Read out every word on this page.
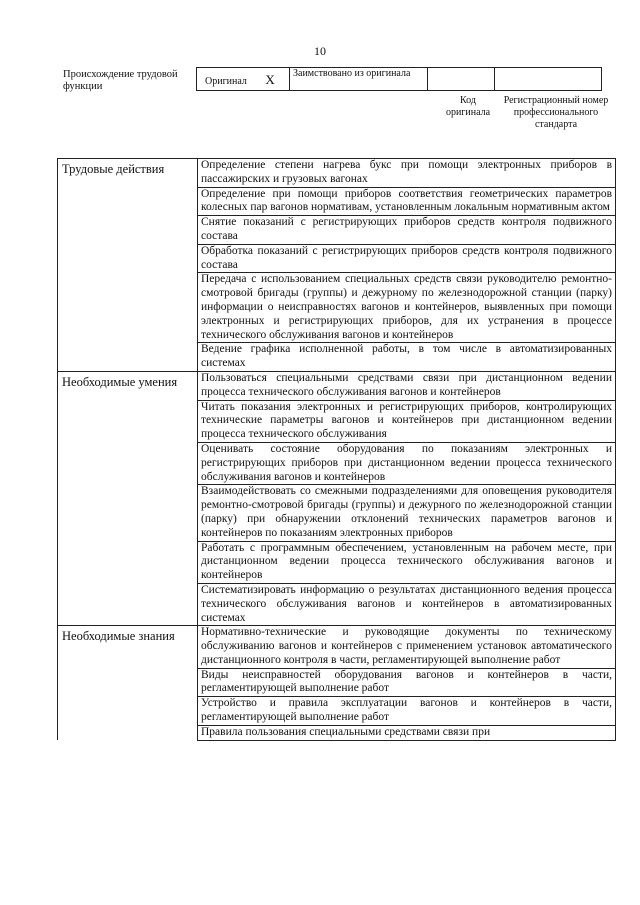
10
Происхождение трудовой функции	Оригинал X	Заимствовано из оригинала		
Код оригинала
Регистрационный номер профессионального стандарта
Трудовые действия	Определение степени нагрева букс при помощи электронных приборов в пассажирских и грузовых вагонах
	Определение при помощи приборов соответствия геометрических параметров колесных пар вагонов нормативам, установленным локальным нормативным актом
	Снятие показаний с регистрирующих приборов средств контроля подвижного состава
	Обработка показаний с регистрирующих приборов средств контроля подвижного состава
	Передача с использованием специальных средств связи руководителю ремонтно-смотровой бригады (группы) и дежурному по железнодорожной станции (парку) информации о неисправностях вагонов и контейнеров, выявленных при помощи электронных и регистрирующих приборов, для их устранения в процессе технического обслуживания вагонов и контейнеров
	Ведение графика исполненной работы, в том числе в автоматизированных системах
Необходимые умения	Пользоваться специальными средствами связи при дистанционном ведении процесса технического обслуживания вагонов и контейнеров
	Читать показания электронных и регистрирующих приборов, контролирующих технические параметры вагонов и контейнеров при дистанционном ведении процесса технического обслуживания
	Оценивать состояние оборудования по показаниям электронных и регистрирующих приборов при дистанционном ведении процесса технического обслуживания вагонов и контейнеров
	Взаимодействовать со смежными подразделениями для оповещения руководителя ремонтно-смотровой бригады (группы) и дежурного по железнодорожной станции (парку) при обнаружении отклонений технических параметров вагонов и контейнеров по показаниям электронных приборов
	Работать с программным обеспечением, установленным на рабочем месте, при дистанционном ведении процесса технического обслуживания вагонов и контейнеров
	Систематизировать информацию о результатах дистанционного ведения процесса технического обслуживания вагонов и контейнеров в автоматизированных системах
Необходимые знания	Нормативно-технические и руководящие документы по техническому обслуживанию вагонов и контейнеров с применением установок автоматического дистанционного контроля в части, регламентирующей выполнение работ
	Виды неисправностей оборудования вагонов и контейнеров в части, регламентирующей выполнение работ
	Устройство и правила эксплуатации вагонов и контейнеров в части, регламентирующей выполнение работ
	Правила пользования специальными средствами связи при
